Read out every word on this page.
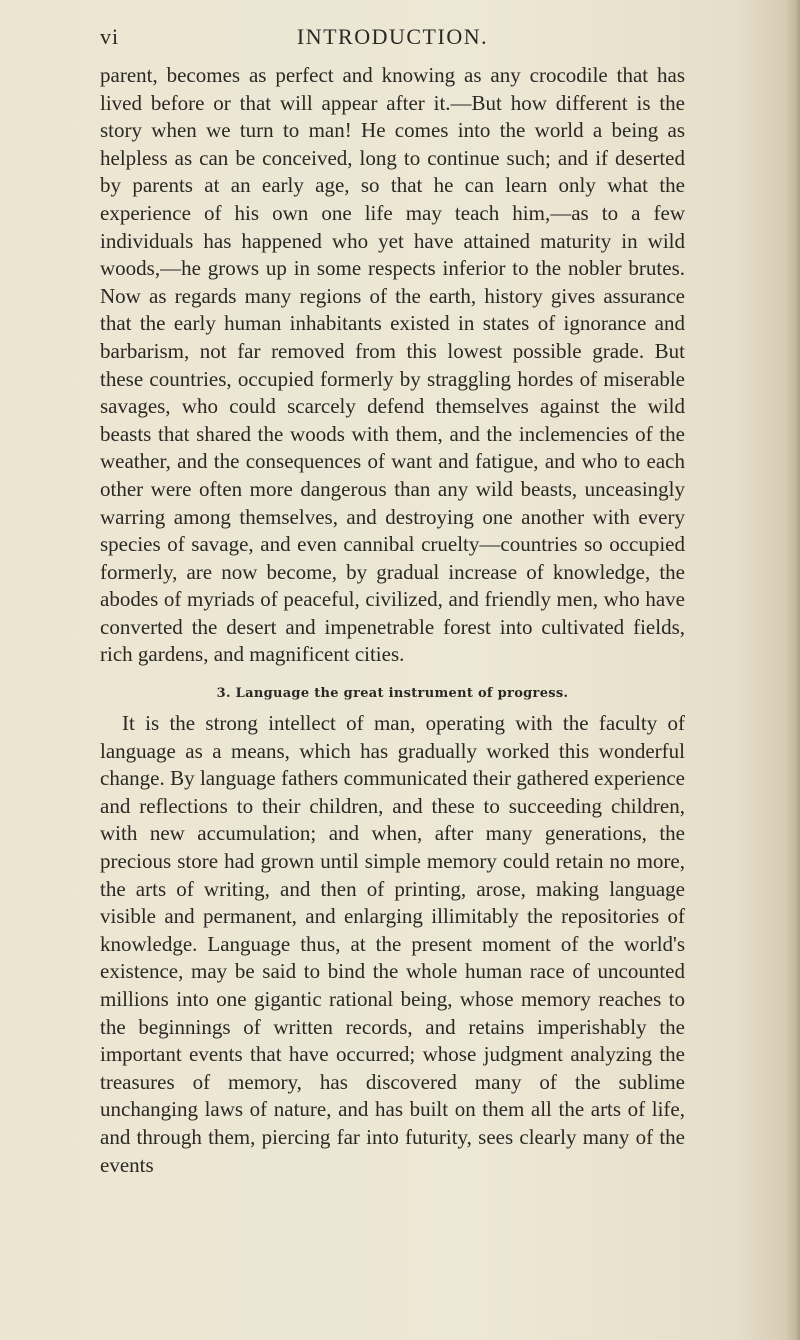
vi	INTRODUCTION.

parent, becomes as perfect and knowing as any crocodile that has lived before or that will appear after it.—But how different is the story when we turn to man! He comes into the world a being as helpless as can be conceived, long to continue such; and if deserted by parents at an early age, so that he can learn only what the experience of his own one life may teach him,—as to a few individuals has happened who yet have attained maturity in wild woods,—he grows up in some respects inferior to the nobler brutes. Now as regards many regions of the earth, history gives assurance that the early human inhabitants existed in states of ignorance and barbarism, not far removed from this lowest possible grade. But these countries, occupied formerly by straggling hordes of miserable savages, who could scarcely defend themselves against the wild beasts that shared the woods with them, and the inclemencies of the weather, and the consequences of want and fatigue, and who to each other were often more dangerous than any wild beasts, unceasingly warring among themselves, and destroying one another with every species of savage, and even cannibal cruelty—countries so occupied formerly, are now become, by gradual increase of knowledge, the abodes of myriads of peaceful, civilized, and friendly men, who have converted the desert and impenetrable forest into cultivated fields, rich gardens, and magnificent cities.

3. Language the great instrument of progress.

It is the strong intellect of man, operating with the faculty of language as a means, which has gradually worked this wonderful change. By language fathers communicated their gathered experience and reflections to their children, and these to succeeding children, with new accumulation; and when, after many generations, the precious store had grown until simple memory could retain no more, the arts of writing, and then of printing, arose, making language visible and permanent, and enlarging illimitably the repositories of knowledge. Language thus, at the present moment of the world's existence, may be said to bind the whole human race of uncounted millions into one gigantic rational being, whose memory reaches to the beginnings of written records, and retains imperishably the important events that have occurred; whose judgment analyzing the treasures of memory, has discovered many of the sublime unchanging laws of nature, and has built on them all the arts of life, and through them, piercing far into futurity, sees clearly many of the events
